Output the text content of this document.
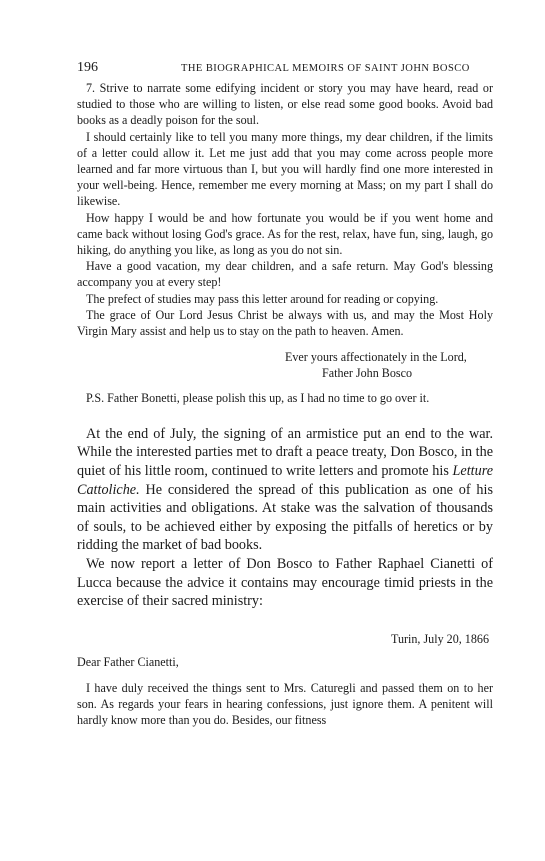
196	THE BIOGRAPHICAL MEMOIRS OF SAINT JOHN BOSCO

7. Strive to narrate some edifying incident or story you may have heard, read or studied to those who are willing to listen, or else read some good books. Avoid bad books as a deadly poison for the soul.

I should certainly like to tell you many more things, my dear children, if the limits of a letter could allow it. Let me just add that you may come across people more learned and far more virtuous than I, but you will hardly find one more interested in your well-being. Hence, remember me every morning at Mass; on my part I shall do likewise.

How happy I would be and how fortunate you would be if you went home and came back without losing God's grace. As for the rest, relax, have fun, sing, laugh, go hiking, do anything you like, as long as you do not sin.

Have a good vacation, my dear children, and a safe return. May God's blessing accompany you at every step!

The prefect of studies may pass this letter around for reading or copying.

The grace of Our Lord Jesus Christ be always with us, and may the Most Holy Virgin Mary assist and help us to stay on the path to heaven. Amen.

Ever yours affectionately in the Lord,

Father John Bosco

P.S. Father Bonetti, please polish this up, as I had no time to go over it.

At the end of July, the signing of an armistice put an end to the war. While the interested parties met to draft a peace treaty, Don Bosco, in the quiet of his little room, continued to write letters and promote his Letture Cattoliche. He considered the spread of this publication as one of his main activities and obligations. At stake was the salvation of thousands of souls, to be achieved either by exposing the pitfalls of heretics or by ridding the market of bad books.

We now report a letter of Don Bosco to Father Raphael Cianetti of Lucca because the advice it contains may encourage timid priests in the exercise of their sacred ministry:

Turin, July 20, 1866

Dear Father Cianetti,

I have duly received the things sent to Mrs. Caturegli and passed them on to her son. As regards your fears in hearing confessions, just ignore them. A penitent will hardly know more than you do. Besides, our fitness
